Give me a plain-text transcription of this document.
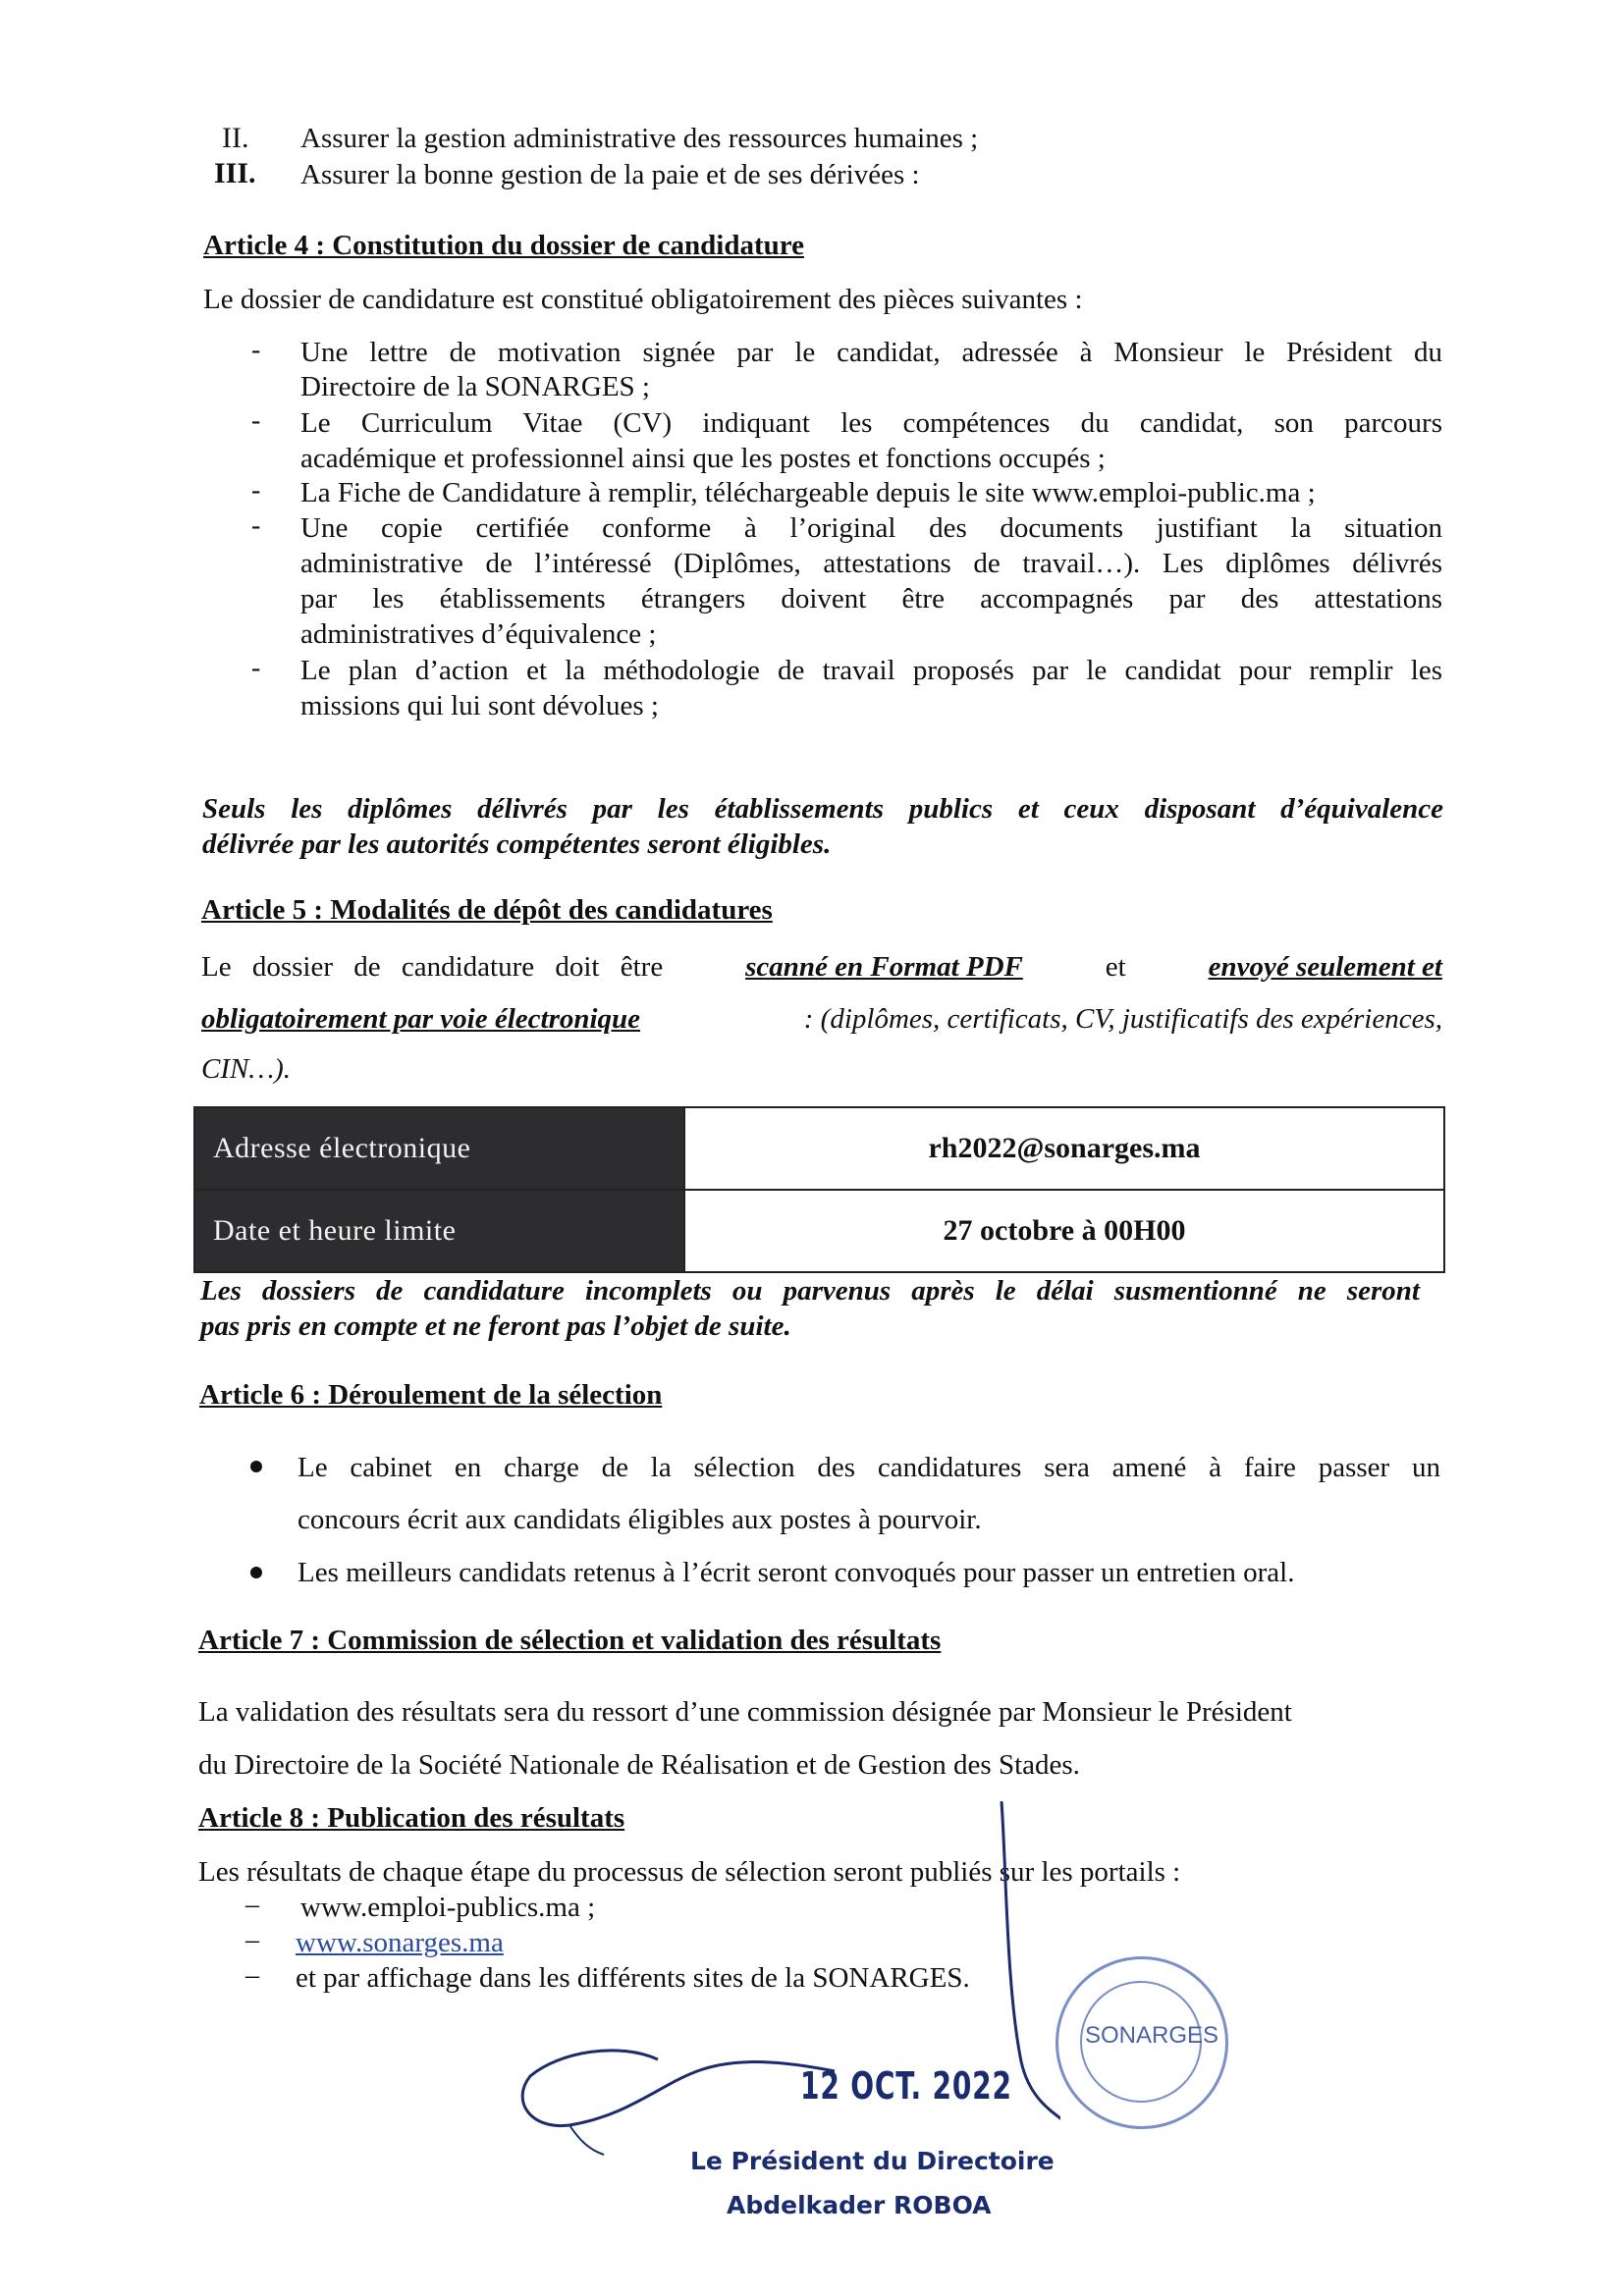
II. Assurer la gestion administrative des ressources humaines ;
III. Assurer la bonne gestion de la paie et de ses dérivées :
Article 4 : Constitution du dossier de candidature
Le dossier de candidature est constitué obligatoirement des pièces suivantes :
- Une lettre de motivation signée par le candidat, adressée à Monsieur le Président du
Directoire de la SONARGES ;
- Le Curriculum Vitae (CV) indiquant les compétences du candidat, son parcours
académique et professionnel ainsi que les postes et fonctions occupés ;
- La Fiche de Candidature à remplir, téléchargeable depuis le site www.emploi-public.ma ;
- Une copie certifiée conforme à l’original des documents justifiant la situation
administrative de l’intéressé (Diplômes, attestations de travail…). Les diplômes délivrés
par les établissements étrangers doivent être accompagnés par des attestations
administratives d’équivalence ;
- Le plan d’action et la méthodologie de travail proposés par le candidat pour remplir les
missions qui lui sont dévolues ;
Seuls les diplômes délivrés par les établissements publics et ceux disposant d’équivalence
délivrée par les autorités compétentes seront éligibles.
Article 5 : Modalités de dépôt des candidatures
Le dossier de candidature doit être	scanné en Format PDF	et	envoyé seulement et
obligatoirement par voie électronique	: (diplômes, certificats, CV, justificatifs des expériences,
CIN…).
Adresse électronique	rh2022@sonarges.ma
Date et heure limite	27 octobre à 00H00
Les dossiers de candidature incomplets ou parvenus après le délai susmentionné ne seront
pas pris en compte et ne feront pas l’objet de suite.
Article 6 : Déroulement de la sélection
Le cabinet en charge de la sélection des candidatures sera amené à faire passer un
concours écrit aux candidats éligibles aux postes à pourvoir.
Les meilleurs candidats retenus à l’écrit seront convoqués pour passer un entretien oral.
Article 7 : Commission de sélection et validation des résultats
La validation des résultats sera du ressort d’une commission désignée par Monsieur le Président
du Directoire de la Société Nationale de Réalisation et de Gestion des Stades.
Article 8 : Publication des résultats
Les résultats de chaque étape du processus de sélection seront publiés sur les portails :
– www.emploi-publics.ma ;
– www.sonarges.ma
– et par affichage dans les différents sites de la SONARGES.
SONARGES
12 OCT. 2022
Le Président du Directoire
Abdelkader ROBOA
